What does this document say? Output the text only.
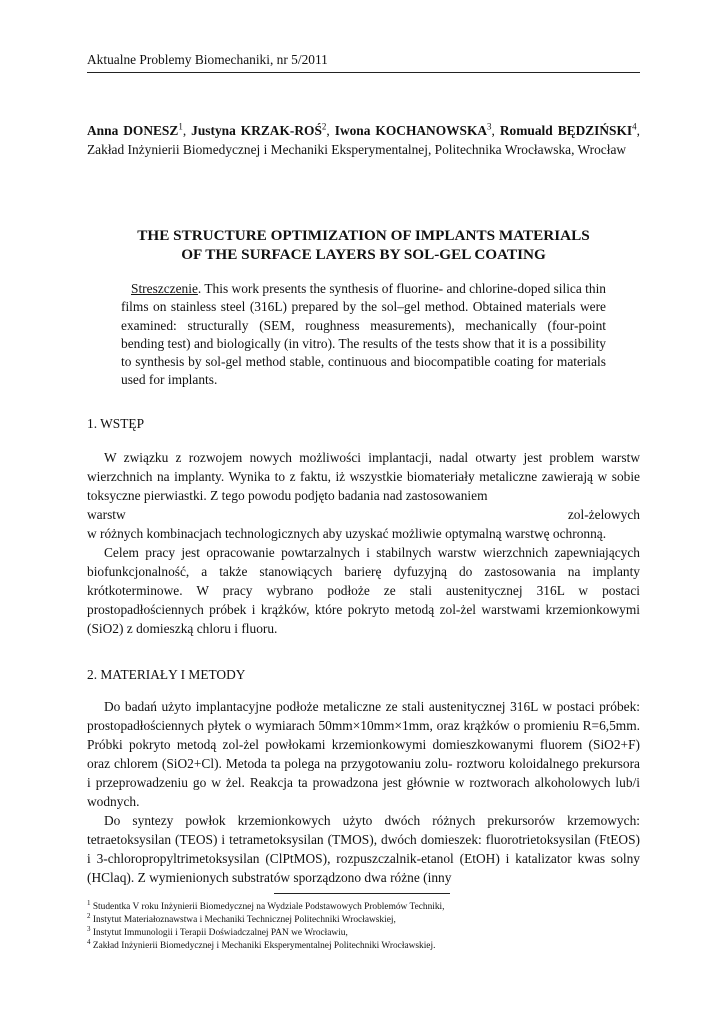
Aktualne Problemy Biomechaniki, nr 5/2011
Anna DONESZ$^1$, Justyna KRZAK-ROŚ$^2$, Iwona KOCHANOWSKA$^3$, Romuald BĘDZIŃSKI$^4$, Zakład Inżynierii Biomedycznej i Mechaniki Eksperymentalnej, Politechnika Wrocławska, Wrocław
THE STRUCTURE OPTIMIZATION OF IMPLANTS MATERIALS
OF THE SURFACE LAYERS BY SOL-GEL COATING
Streszczenie. This work presents the synthesis of fluorine- and chlorine-doped silica thin films on stainless steel (316L) prepared by the sol–gel method. Obtained materials were examined: structurally (SEM, roughness measurements), mechanically (four-point bending test) and biologically (in vitro). The results of the tests show that it is a possibility to synthesis by sol-gel method stable, continuous and biocompatible coating for materials used for implants.
1. WSTĘP

W związku z rozwojem nowych możliwości implantacji, nadal otwarty jest problem warstw wierzchnich na implanty. Wynika to z faktu, iż wszystkie biomateriały metaliczne zawierają w sobie toksyczne pierwiastki. Z tego powodu podjęto badania nad zastosowaniem

warstw	zol-żelowych

w różnych kombinacjach technologicznych aby uzyskać możliwie optymalną warstwę ochronną.

Celem pracy jest opracowanie powtarzalnych i stabilnych warstw wierzchnich zapewniających biofunkcjonalność, a także stanowiących barierę dyfuzyjną do zastosowania na implanty krótkoterminowe. W pracy wybrano podłoże ze stali austenitycznej 316L w postaci prostopadłościennych próbek i krążków, które pokryto metodą zol-żel warstwami krzemionkowymi (SiO2) z domieszką chloru i fluoru.

2. MATERIAŁY I METODY

Do badań użyto implantacyjne podłoże metaliczne ze stali austenitycznej 316L w postaci próbek: prostopadłościennych płytek o wymiarach 50mm×10mm×1mm, oraz krążków o promieniu R=6,5mm. Próbki pokryto metodą zol-żel powłokami krzemionkowymi domieszkowanymi fluorem (SiO2+F) oraz chlorem (SiO2+Cl). Metoda ta polega na przygotowaniu zolu- roztworu koloidalnego prekursora i przeprowadzeniu go w żel. Reakcja ta prowadzona jest głównie w roztworach alkoholowych lub/i wodnych.

Do syntezy powłok krzemionkowych użyto dwóch różnych prekursorów krzemowych: tetraetoksysilan (TEOS) i tetrametoksysilan (TMOS), dwóch domieszek: fluorotrietoksysilan (FtEOS) i 3-chloropropyltrimetoksysilan (ClPtMOS), rozpuszczalnik-etanol (EtOH) i katalizator kwas solny (HClaq). Z wymienionych substratów sporządzono dwa różne (inny

$^1$ Studentka V roku Inżynierii Biomedycznej na Wydziale Podstawowych Problemów Techniki,
$^2$ Instytut Materiałoznawstwa i Mechaniki Technicznej Politechniki Wrocławskiej,
$^3$ Instytut Immunologii i Terapii Doświadczalnej PAN we Wrocławiu,
$^4$ Zakład Inżynierii Biomedycznej i Mechaniki Eksperymentalnej Politechniki Wrocławskiej.
